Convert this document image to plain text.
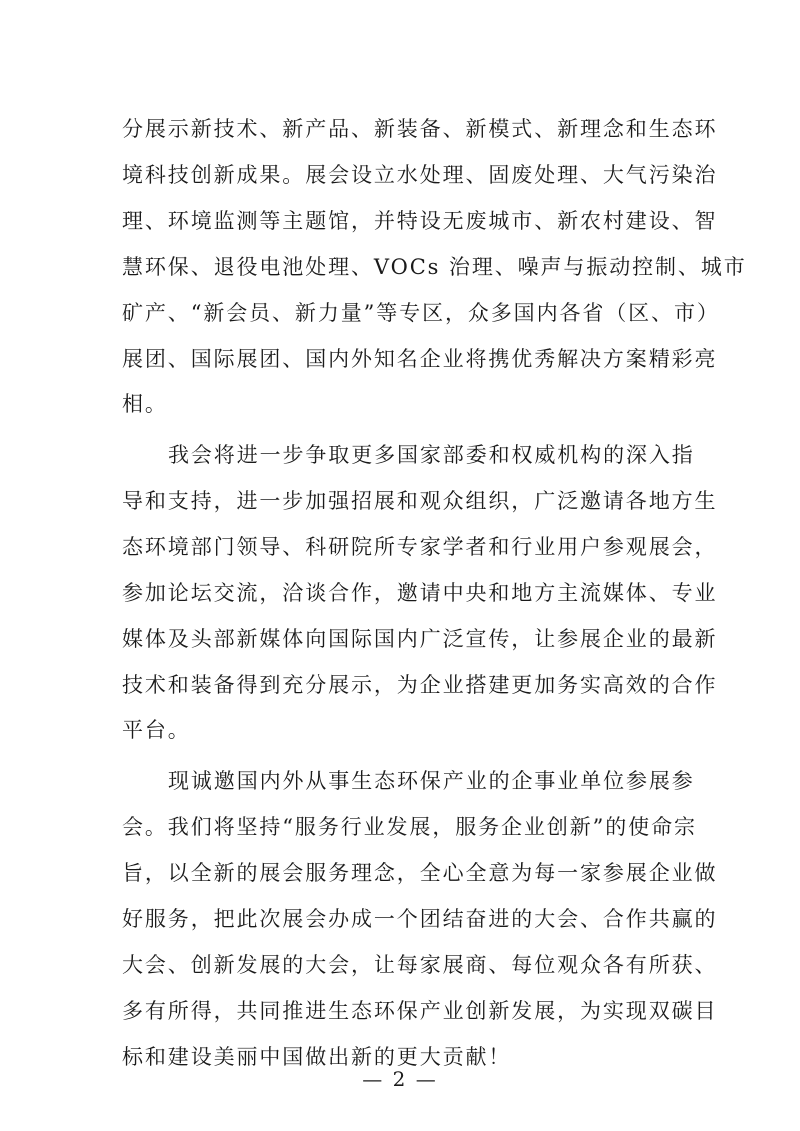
分展示新技术、新产品、新装备、新模式、新理念和生态环
境科技创新成果。展会设立水处理、固废处理、大气污染治
理、环境监测等主题馆，并特设无废城市、新农村建设、智
慧环保、退役电池处理、VOCs 治理、噪声与振动控制、城市
矿产、“新会员、新力量”等专区，众多国内各省（区、市）
展团、国际展团、国内外知名企业将携优秀解决方案精彩亮
相。
我会将进一步争取更多国家部委和权威机构的深入指
导和支持，进一步加强招展和观众组织，广泛邀请各地方生
态环境部门领导、科研院所专家学者和行业用户参观展会，
参加论坛交流，洽谈合作，邀请中央和地方主流媒体、专业
媒体及头部新媒体向国际国内广泛宣传，让参展企业的最新
技术和装备得到充分展示，为企业搭建更加务实高效的合作
平台。
现诚邀国内外从事生态环保产业的企事业单位参展参
会。我们将坚持“服务行业发展，服务企业创新”的使命宗
旨，以全新的展会服务理念，全心全意为每一家参展企业做
好服务，把此次展会办成一个团结奋进的大会、合作共赢的
大会、创新发展的大会，让每家展商、每位观众各有所获、
多有所得，共同推进生态环保产业创新发展，为实现双碳目
标和建设美丽中国做出新的更大贡献！
— 2 —
